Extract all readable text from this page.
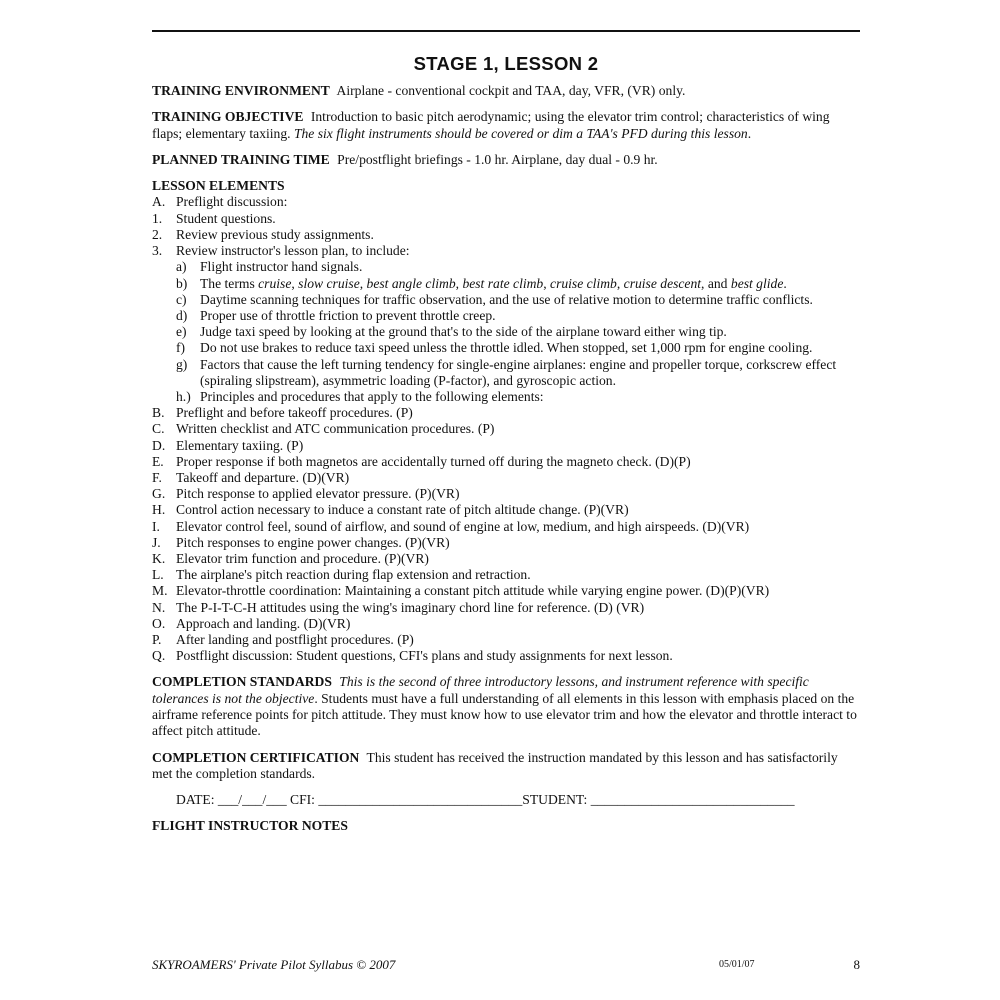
STAGE 1, LESSON 2
TRAINING ENVIRONMENT Airplane - conventional cockpit and TAA, day, VFR, (VR) only.
TRAINING OBJECTIVE Introduction to basic pitch aerodynamic; using the elevator trim control; characteristics of wing flaps; elementary taxiing. The six flight instruments should be covered or dim a TAA's PFD during this lesson.
PLANNED TRAINING TIME Pre/postflight briefings - 1.0 hr. Airplane, day dual - 0.9 hr.
LESSON ELEMENTS
A. Preflight discussion:
1.	Student questions.
2.	Review previous study assignments.
3.	Review instructor's lesson plan, to include:
a) Flight instructor hand signals.
b) The terms cruise, slow cruise, best angle climb, best rate climb, cruise climb, cruise descent, and best glide.
c) Daytime scanning techniques for traffic observation, and the use of relative motion to determine traffic conflicts.
d) Proper use of throttle friction to prevent throttle creep.
e) Judge taxi speed by looking at the ground that's to the side of the airplane toward either wing tip.
f)	Do not use brakes to reduce taxi speed unless the throttle idled. When stopped, set 1,000 rpm for engine cooling.
g) Factors that cause the left turning tendency for single-engine airplanes: engine and propeller torque, corkscrew effect (spiraling slipstream), asymmetric loading (P-factor), and gyroscopic action.
h.) Principles and procedures that apply to the following elements:
B. Preflight and before takeoff procedures. (P)
C. Written checklist and ATC communication procedures. (P)
D. Elementary taxiing. (P)
E. Proper response if both magnetos are accidentally turned off during the magneto check. (D)(P)
F.	Takeoff and departure. (D)(VR)
G. Pitch response to applied elevator pressure. (P)(VR)
H. Control action necessary to induce a constant rate of pitch altitude change. (P)(VR)
I.	Elevator control feel, sound of airflow, and sound of engine at low, medium, and high airspeeds. (D)(VR)
J.	Pitch responses to engine power changes. (P)(VR)
K. Elevator trim function and procedure. (P)(VR)
L. The airplane's pitch reaction during flap extension and retraction.
M. Elevator-throttle coordination: Maintaining a constant pitch attitude while varying engine power. (D)(P)(VR)
N. The P-I-T-C-H attitudes using the wing's imaginary chord line for reference. (D) (VR)
O. Approach and landing. (D)(VR)
P.	After landing and postflight procedures. (P)
Q. Postflight discussion: Student questions, CFI's plans and study assignments for next lesson.
COMPLETION STANDARDS This is the second of three introductory lessons, and instrument reference with specific tolerances is not the objective. Students must have a full understanding of all elements in this lesson with emphasis placed on the airframe reference points for pitch attitude. They must know how to use elevator trim and how the elevator and throttle interact to affect pitch attitude.
COMPLETION CERTIFICATION This student has received the instruction mandated by this lesson and has satisfactorily met the completion standards.
DATE: ___/___/___ CFI: ______________________________STUDENT: ______________________________
FLIGHT INSTRUCTOR NOTES
SKYROAMERS' Private Pilot Syllabus © 2007	05/01/07	8
